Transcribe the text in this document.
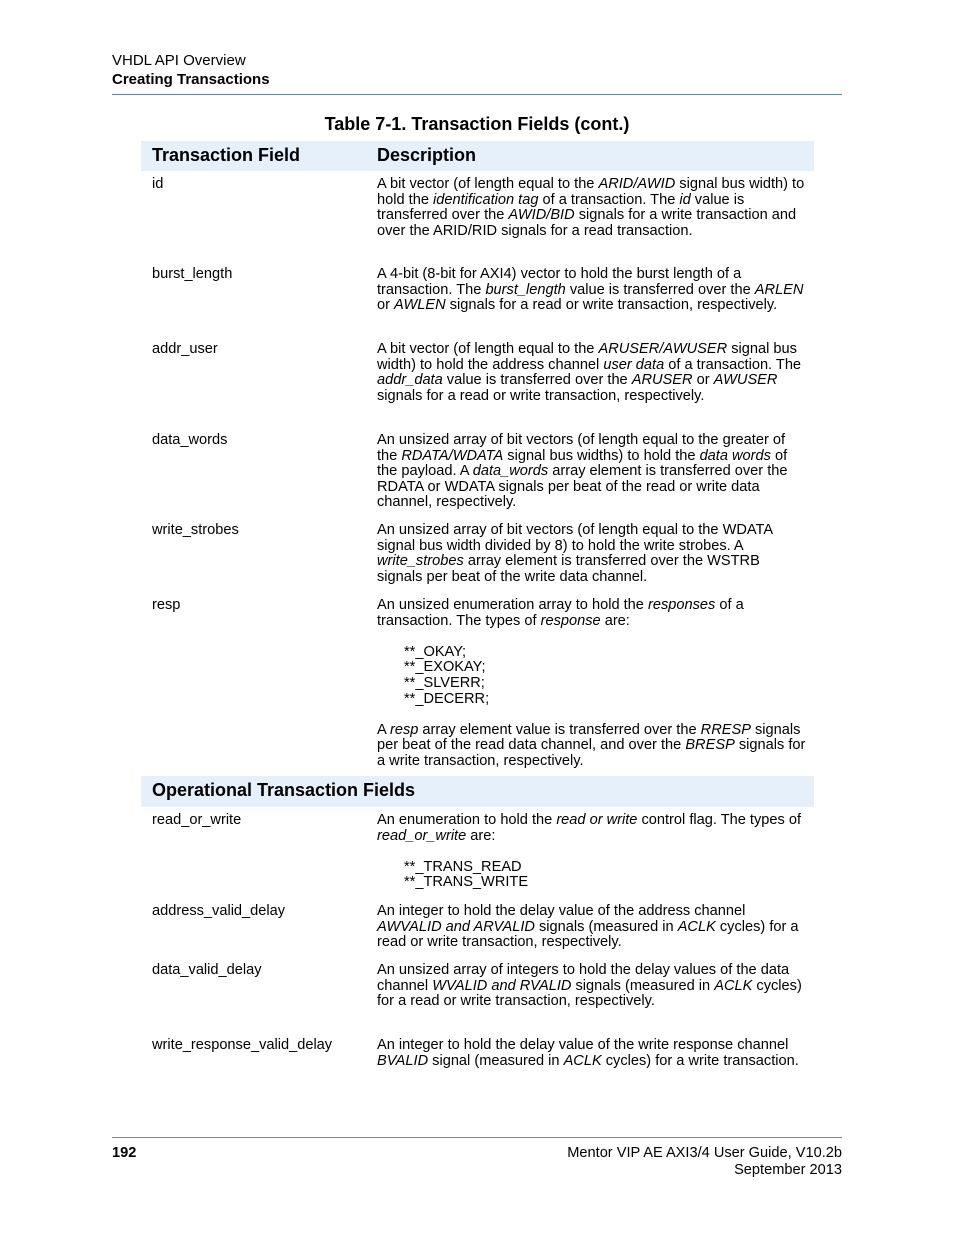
VHDL API Overview
Creating Transactions
Table 7-1. Transaction Fields (cont.)
Transaction Field	Description
id	A bit vector (of length equal to the ARID/AWID signal bus width) to hold the identification tag of a transaction. The id value is transferred over the AWID/BID signals for a write transaction and over the ARID/RID signals for a read transaction.

burst_length	A 4-bit (8-bit for AXI4) vector to hold the burst length of a transaction. The burst_length value is transferred over the ARLEN or AWLEN signals for a read or write transaction, respectively.

addr_user	A bit vector (of length equal to the ARUSER/AWUSER signal bus width) to hold the address channel user data of a transaction. The addr_data value is transferred over the ARUSER or AWUSER signals for a read or write transaction, respectively.

data_words	An unsized array of bit vectors (of length equal to the greater of the RDATA/WDATA signal bus widths) to hold the data words of the payload. A data_words array element is transferred over the RDATA or WDATA signals per beat of the read or write data channel, respectively.

write_strobes	An unsized array of bit vectors (of length equal to the WDATA signal bus width divided by 8) to hold the write strobes. A write_strobes array element is transferred over the WSTRB signals per beat of the write data channel.

resp	An unsized enumeration array to hold the responses of a transaction. The types of response are:

**_OKAY;
**_EXOKAY;
**_SLVERR;
**_DECERR;

A resp array element value is transferred over the RRESP signals per beat of the read data channel, and over the BRESP signals for a write transaction, respectively.

Operational Transaction Fields
read_or_write	An enumeration to hold the read or write control flag. The types of read_or_write are:

**_TRANS_READ
**_TRANS_WRITE
address_valid_delay	An integer to hold the delay value of the address channel AWVALID and ARVALID signals (measured in ACLK cycles) for a read or write transaction, respectively.

data_valid_delay	An unsized array of integers to hold the delay values of the data channel WVALID and RVALID signals (measured in ACLK cycles) for a read or write transaction, respectively.

write_response_valid_delay	An integer to hold the delay value of the write response channel BVALID signal (measured in ACLK cycles) for a write transaction.

192	Mentor VIP AE AXI3/4 User Guide, V10.2b
September 2013
